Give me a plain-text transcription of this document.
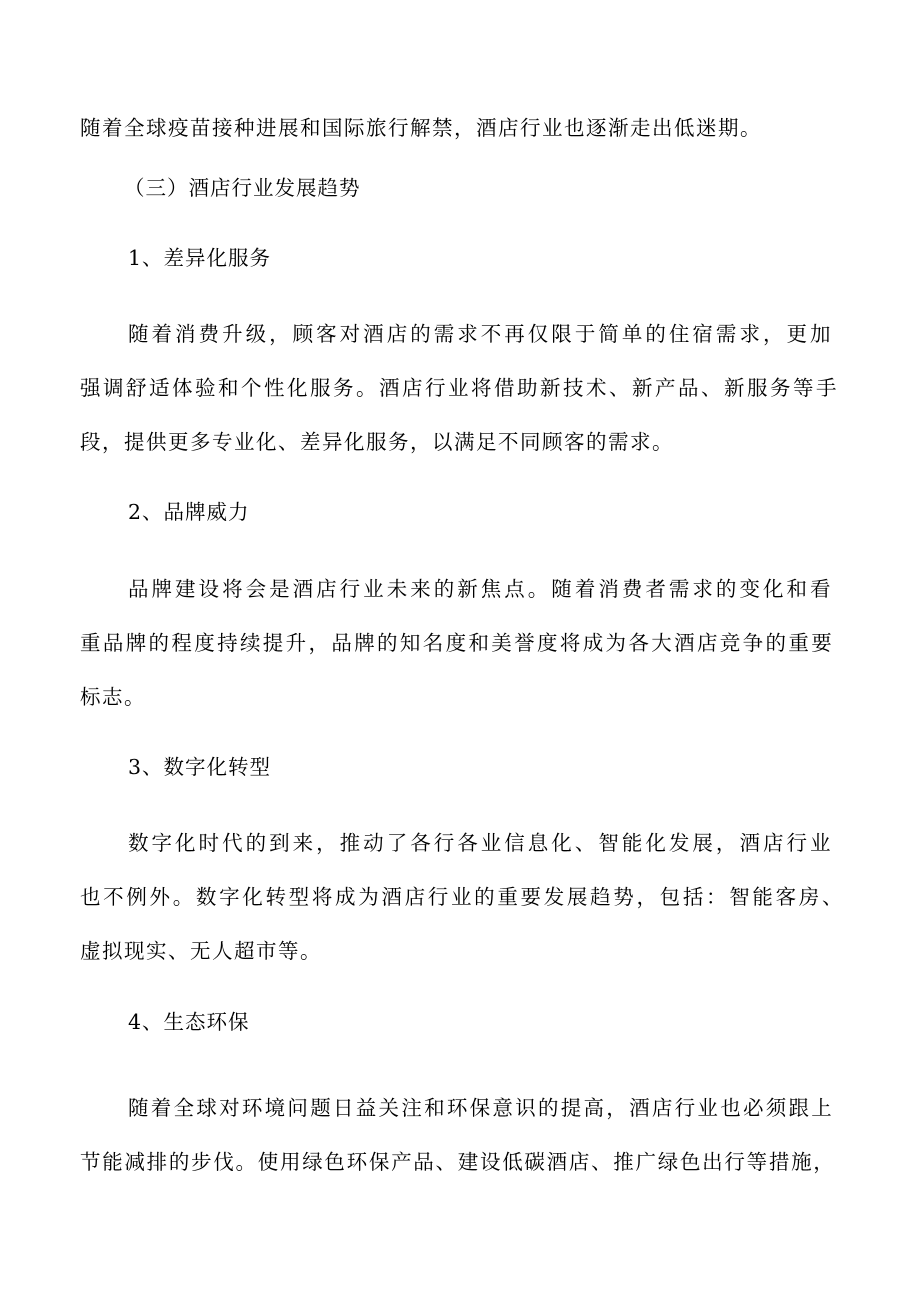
随着全球疫苗接种进展和国际旅行解禁，酒店行业也逐渐走出低迷期。
（三）酒店行业发展趋势
1、差异化服务
随着消费升级，顾客对酒店的需求不再仅限于简单的住宿需求，更加
强调舒适体验和个性化服务。酒店行业将借助新技术、新产品、新服务等手
段，提供更多专业化、差异化服务，以满足不同顾客的需求。
2、品牌威力
品牌建设将会是酒店行业未来的新焦点。随着消费者需求的变化和看
重品牌的程度持续提升，品牌的知名度和美誉度将成为各大酒店竞争的重要
标志。
3、数字化转型
数字化时代的到来，推动了各行各业信息化、智能化发展，酒店行业
也不例外。数字化转型将成为酒店行业的重要发展趋势，包括：智能客房、
虚拟现实、无人超市等。
4、生态环保
随着全球对环境问题日益关注和环保意识的提高，酒店行业也必须跟上
节能减排的步伐。使用绿色环保产品、建设低碳酒店、推广绿色出行等措施，
